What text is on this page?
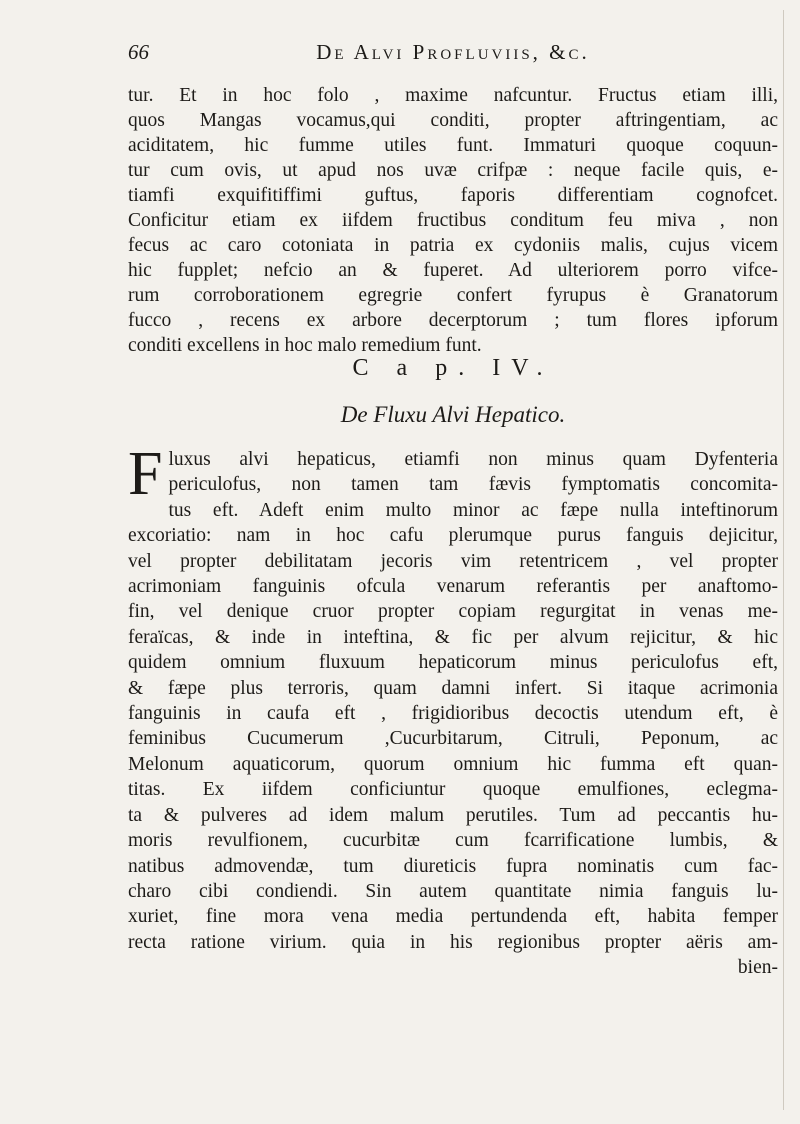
66	De Alvi Profluviis, &c.
tur. Et in hoc folo , maxime nafcuntur. Fructus etiam illi,
quos Mangas vocamus,qui conditi, propter aftringentiam, ac
aciditatem, hic fumme utiles funt. Immaturi quoque coquun-
tur cum ovis, ut apud nos uvæ crifpæ : neque facile quis, e-
tiamfi exquifitiffimi guftus, faporis differentiam cognofcet.
Conficitur etiam ex iifdem fructibus conditum feu miva , non
fecus ac caro cotoniata in patria ex cydoniis malis, cujus vicem
hic fupplet; nefcio an & fuperet. Ad ulteriorem porro vifce-
rum corroborationem egregrie confert fyrupus è Granatorum
fucco , recens ex arbore decerptorum ; tum flores ipforum
conditi excellens in hoc malo remedium funt.
C a p. IV.
De Fluxu Alvi Hepatico.
F luxus alvi hepaticus, etiamfi non minus quam Dyfenteria
periculofus, non tamen tam fævis fymptomatis concomita-
tus eft. Adeft enim multo minor ac fæpe nulla inteftinorum
excoriatio: nam in hoc cafu plerumque purus fanguis dejicitur,
vel propter debilitatam jecoris vim retentricem , vel propter
acrimoniam fanguinis ofcula venarum referantis per anaftomo-
fin, vel denique cruor propter copiam regurgitat in venas me-
feraïcas, & inde in inteftina, & fic per alvum rejicitur, & hic
quidem omnium fluxuum hepaticorum minus periculofus eft,
& fæpe plus terroris, quam damni infert. Si itaque acrimonia
fanguinis in caufa eft , frigidioribus decoctis utendum eft, è
feminibus Cucumerum ,Cucurbitarum, Citruli, Peponum, ac
Melonum aquaticorum, quorum omnium hic fumma eft quan-
titas. Ex iifdem conficiuntur quoque emulfiones, eclegma-
ta & pulveres ad idem malum perutiles. Tum ad peccantis hu-
moris revulfionem, cucurbitæ cum fcarrificatione lumbis, &
natibus admovendæ, tum diureticis fupra nominatis cum fac-
charo cibi condiendi. Sin autem quantitate nimia fanguis lu-
xuriet, fine mora vena media pertundenda eft, habita femper
recta ratione virium. quia in his regionibus propter aëris am-
bien-
